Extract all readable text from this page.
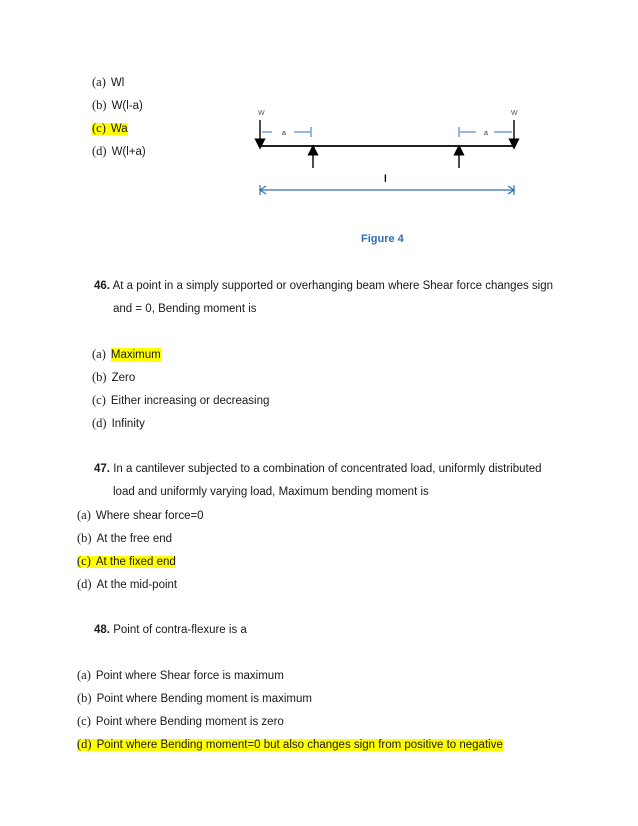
(a) Wl
(b) W(l-a)
(c) Wa
(d) W(l+a)
W	W
a	a
l
Figure 4
46. At a point in a simply supported or overhanging beam where Shear force changes sign
and = 0, Bending moment is
(a) Maximum
(b) Zero
(c) Either increasing or decreasing
(d) Infinity
47. In a cantilever subjected to a combination of concentrated load, uniformly distributed
load and uniformly varying load, Maximum bending moment is
(a) Where shear force=0
(b) At the free end
(c) At the fixed end
(d) At the mid-point
48. Point of contra-flexure is a
(a) Point where Shear force is maximum
(b) Point where Bending moment is maximum
(c) Point where Bending moment is zero
(d) Point where Bending moment=0 but also changes sign from positive to negative
